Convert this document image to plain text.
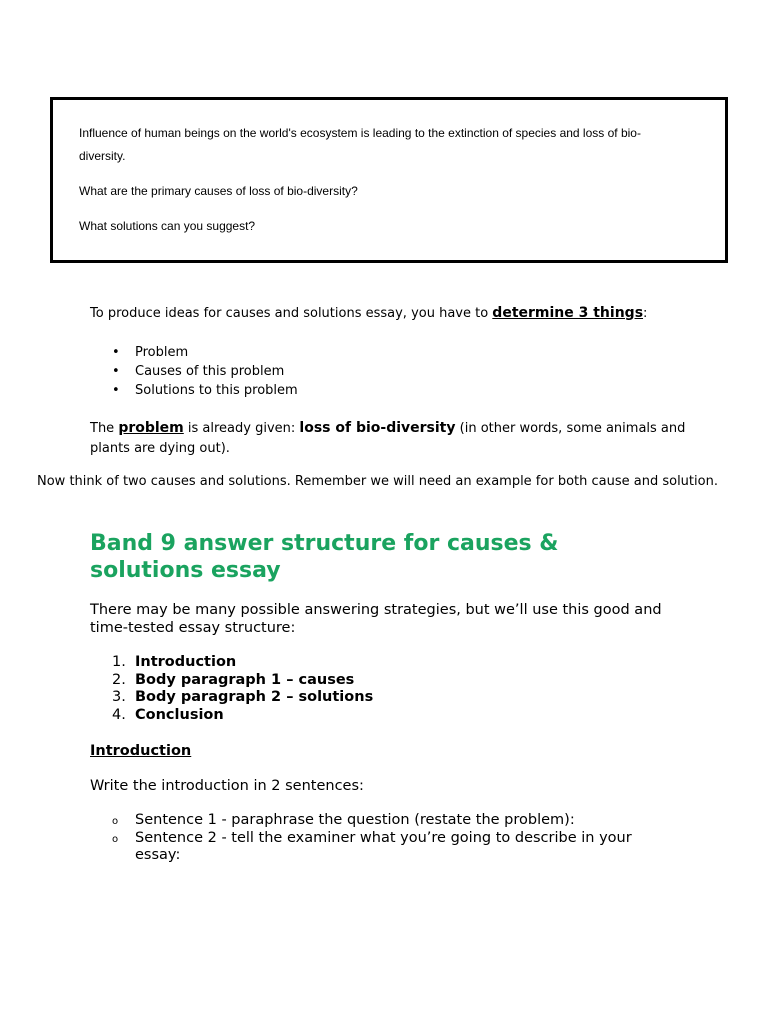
Influence of human beings on the world's ecosystem is leading to the extinction of species and loss of bio-diversity.

What are the primary causes of loss of bio-diversity?

What solutions can you suggest?

To produce ideas for causes and solutions essay, you have to determine 3 things:
• Problem
• Causes of this problem
• Solutions to this problem
The problem is already given: loss of bio-diversity (in other words, some animals and plants are dying out).
Now think of two causes and solutions. Remember we will need an example for both cause and solution.
Band 9 answer structure for causes & solutions essay
There may be many possible answering strategies, but we’ll use this good and time-tested essay structure:
1. Introduction
2. Body paragraph 1 – causes
3. Body paragraph 2 – solutions
4. Conclusion
Introduction
Write the introduction in 2 sentences:
o Sentence 1 - paraphrase the question (restate the problem):
o Sentence 2 - tell the examiner what you’re going to describe in your essay:
